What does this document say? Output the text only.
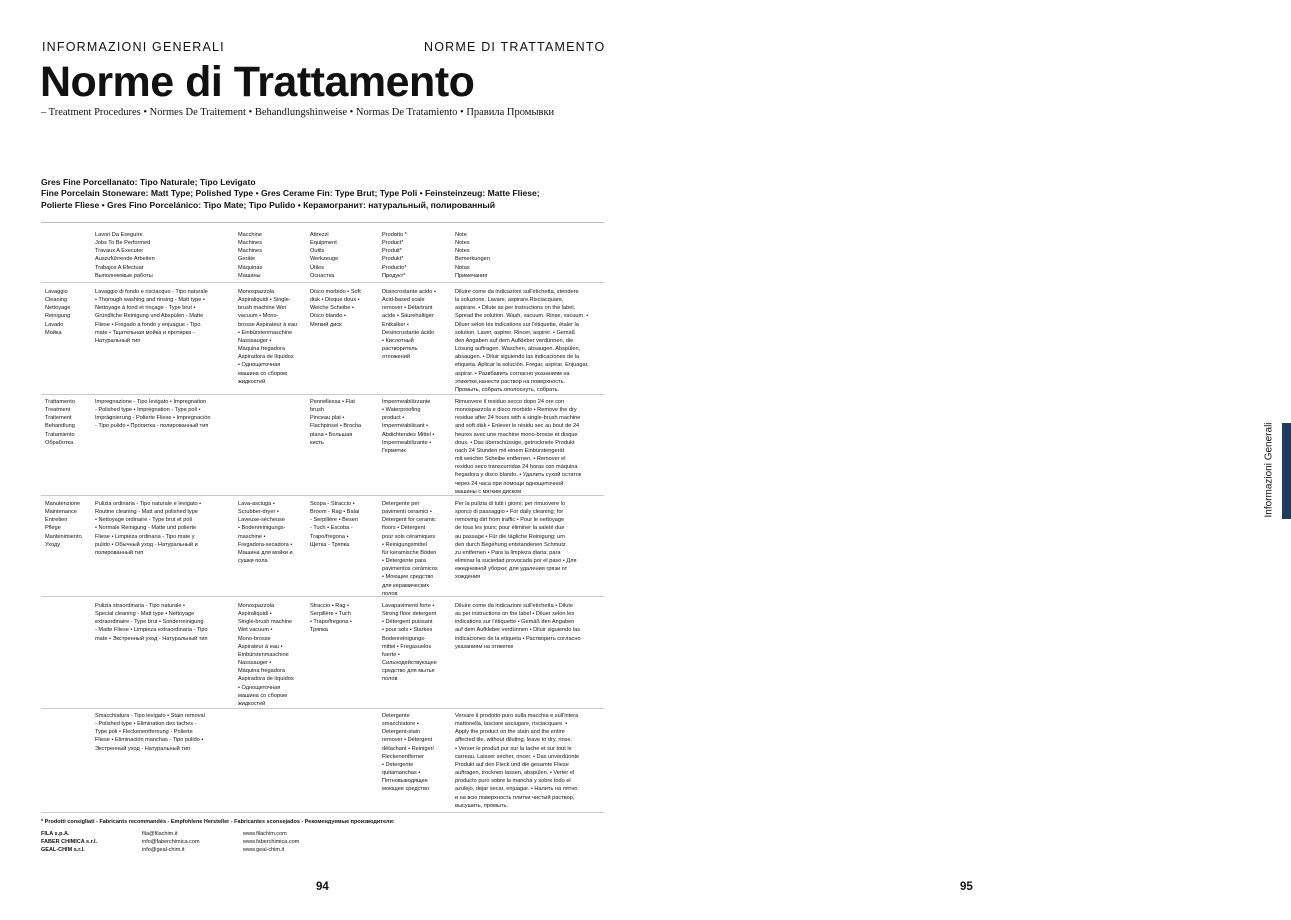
INFORMAZIONI GENERALI	NORME DI TRATTAMENTO
Norme di Trattamento
– Treatment Procedures • Normes De Traitement • Behandlungshinweise • Normas De Tratamiento • Правила Промывки
Gres Fine Porcellanato: Tipo Naturale; Tipo Levigato
Fine Porcelain Stoneware: Matt Type; Polished Type • Gres Cerame Fin: Type Brut; Type Poli • Feinsteinzeug: Matte Fliese;
Polierte Fliese • Gres Fino Porcelánico: Tipo Mate; Tipo Pulido • Керамогранит: натуральный, полированный
Lavori Da Eseguire
Jobs To Be Performed
Travaux A Executer
Auszuführende Arbeiten
Trabajos A Efectuar
Выполняемые работы
Macchine
Machines
Machines
Geräte
Máquinas
Машины
Attrezzi
Equipment
Outils
Werkzeuge
Útiles
Оснастка
Prodotto *
Product*
Produit*
Produkt*
Producto*
Продукт*
Note
Notes
Notes
Bemerkungen
Notas
Примечания
Lavaggio
Cleaning
Nettoyage
Reinigung
Lavado
Мойка
Lavaggio di fondo e risciacquo - Tipo naturale
• Thorough washing and rinsing - Matt type •
Nettoyage à fond et rinçage - Type brut •
Gründliche Reinigung und Abspülen - Matte
Fliese • Fregado a fondo y enjuague - Tipo
mate • Тщательная мойка и протирка -
Натуральный тип
Monospazzola
Aspiraliquidi • Single-
brush machine Wet
vacuum • Mono-
brosse Aspirateur à eau
• Einbürstenmaschine
Nasssauger •
Máquina fregadora
Aspiradora de líquidos
• Однощеточная
машина со сбором
жидкостей
Disco morbido • Soft
disk • Disque doux •
Weiche Scheibe •
Disco blando •
Мягкий диск
Disincrostante acido •
Acid-based scale
remover • Détartrant
acide • Säurehaltiger
Entkalker •
Desincrustante ácido
• Кислотный
растворитель
отложений
Diluire come da indicazioni sull'etichetta, stendere
la soluzione. Lavare, aspirare.Risciacquare,
aspirare. • Dilute as per instructions on the label.
Spread the solution. Wash, vacuum. Rinse, vacuum. •
Diluer selon les indications sur l'étiquette, étaler la
solution. Laver, aspirer. Rincer, aspirer. • Gemäß
den Angaben auf dem Aufkleber verdünnen, die
Lösung auftragen. Waschen, absaugen. Abspülen,
absaugen. • Diluir siguiendo las indicaciones de la
etiqueta. Aplicar la solución. Fregar, aspirar. Enjuagar,
aspirar. • Развбавить согласно указаниям на
этикетке,нанести раствор на поверхность.
Промыть, собрать.ополоснуть, собрать.
Trattamento
Treatment
Traitement
Behandlung
Tratamiento
Обработка
Impregnazione - Tipo levigato • Impregnation
- Polished type • Imprégnation - Type poli •
Imprägnierung - Polierte Fliese • Impregnación
- Tipo pulido • Пропитка - полированный тип
Pennellessa • Flat
brush
Pinceau plat •
Flachpinsel • Brocha
plana • Большая
кисть
Impermeabilizzante
• Waterproofing
product •
Imperméabilisant •
Abdichtendes Mittel •
Impermeabilizante •
Герметик
Rimuovere il residuo secco dopo 24 ore con
monospazzola e disco morbido • Remove the dry
residue after 24 hours with a single-brush machine
and soft disk • Enlever le résidu sec au bout de 24
heures avec une machine mono-brosse et disque
doux. • Das überschüssige, getrocknete Produkt
nach 24 Stunden mit einem Einbürstengerät
mit weicher Scheibe entfernen. • Remover el
residuo seco transcurridas 24 horas con máquina
fregadora y disco blando. • Удалить сухой остаток
через 24 часа при помощи однощеточной
машины с мягким диском
Manutenzione
Maintenance
Entretien
Pflege
Mantenimiento
Уходу
Pulizia ordinaria - Tipo naturale e levigato •
Routine cleaning - Matt and polished type
• Nettoyage ordinaire - Type brut et poli
• Normale Reinigung - Matte und polierte
Fliese • Limpieza ordinaria - Tipo mate y
pulido • Обычный уход - Натуральный и
полированный тип
Lava-asciuga •
Scrubber-dryer •
Laveuse-sécheuse
• Bodenreinigungs-
maschine •
Fregadora-secadora •
Машина для мойки и
сушки пола
Scopa - Straccio •
Broom - Rag • Balai
- Serpillère • Besen
- Tuch • Escoba -
Trapo/fregona •
Щетка - Тряпка
Detergente per
pavimenti ceramici •
Detergent for ceramic
floors • Détergent
pour sols céramiques
• Reinigungsmittel
für keramische Böden
• Detergente para
pavimentos cerámicos
• Моющее средство
для керамических
полов
Per la pulizia di tutti i giorni; per rimuovere lo
sporco di passaggio • For daily cleaning; for
removing dirt from traffic • Pour le nettoyage
de tous les jours; pour éliminer la saleté due
au passage • Für die tägliche Reinigung; um
den durch Begehung entstandenen Schmutz
zu entfernen • Para la limpieza diaria; para
eliminar la suciedad provocada por el paso • Для
ежедневной уборки; для удаления грязи от
хождения
Pulizia straordinaria - Tipo naturale •
Special cleaning - Matt type • Nettoyage
extraordinaire - Type brut • Sonderreinigung
- Matte Fliese • Limpieza extraordinaria - Tipo
mate • Экстренный уход - Натуральный тип
Monospazzola
Aspiraliquidi •
Single-brush machine
Wet vacuum •
Mono-brosse
Aspirateur à eau •
Einbürstenmaschine
Nasssauger •
Máquina fregadora
Aspiradora de líquidos
• Однощеточная
машина со сбором
жидкостей
Straccio • Rag •
Serpillère • Tuch
• Trapo/fregona •
Тряпка
Lavapavimenti forte •
Strong floor detergent
• Détergent puissant
• pour sols • Starkes
Bodenreinigungs-
mittel • Fregasuelos
fuerte •
Сильнодействующее
средство для мытья
полов
Diluire come da indicazioni sull'etichetta • Dilute
as per instructions on the label • Diluer selon les
indications sur l'étiquette • Gemäß den Angaben
auf dem Aufkleber verdünnen • Diluir siguiendo las
indicaciones de la etiqueta • Растворить согласно
указаниям на этикетке
Smacchiatura - Tipo levigato • Stain removal
- Polished type • Elimination des taches -
Type poli • Fleckenentfernung - Polierte
Fliese • Eliminación manchas - Tipo pulido •
Экстренный уход - Натуральный тип
Detergente
smacchiatore •
Detergent-stain
remover • Détergent
détachant • Reiniger/
Fleckenentferner
• Detergente
quitamanchas •
Пятновыводящее
моющее средство
Versare il prodotto puro sulla macchia e sull'intera
mattonella, lasciare asciugare, risciacquare. •
Apply the product on the stain and the entire
affected tile, without diluting, leave to dry, rinse.
• Verser le produit pur sur la tache et sur tout le
carreau. Laisser sécher, rincer. • Das unverdünnte
Produkt auf den Fleck und die gesamte Fliese
auftragen, trocknen lassen, abspülen. • Verter el
producto puro sobre la mancha y sobre todo el
azulejo, dejar secar, enjuagar. • Налить на пятно
и на всю поверхность плитки чистый раствор,
высушить, промыть.
* Prodotti consigliati - Fabricants recommandés - Empfohlene Hersteller - Fabricantes sconsejados - Рекомендуемые производители:
FILA s.p.A.
FABER CHIMICA s.r.l.
GEAL-CHIM s.r.l.
fila@filachim.it
info@faberchimica.com
info@geal-chim.it
www.filachim.com
www.faberchimica.com
www.geal-chim.it
94
Informazioni Generali
95
